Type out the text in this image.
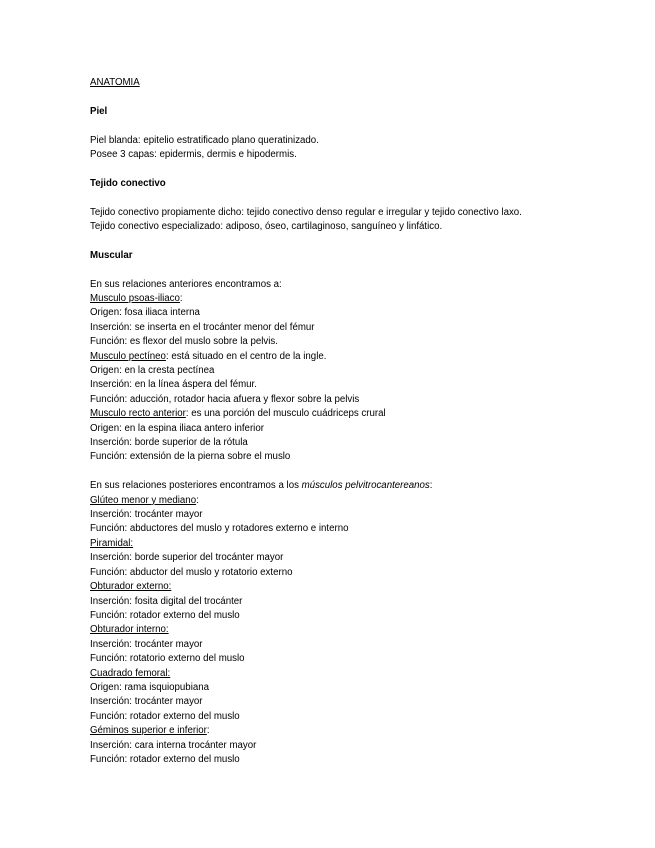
ANATOMIA

Piel

Piel blanda: epitelio estratificado plano queratinizado.

Posee 3 capas: epidermis, dermis e hipodermis.

Tejido conectivo

Tejido conectivo propiamente dicho: tejido conectivo denso regular e irregular y tejido conectivo laxo.

Tejido conectivo especializado: adiposo, óseo, cartilaginoso, sanguíneo y linfático.

Muscular

En sus relaciones anteriores encontramos a:

Musculo psoas-iliaco:

Origen: fosa iliaca interna

Inserción: se inserta en el trocánter menor del fémur

Función: es flexor del muslo sobre la pelvis.

Musculo pectíneo: está situado en el centro de la ingle.

Origen: en la cresta pectínea

Inserción: en la línea áspera del fémur.

Función: aducción, rotador hacia afuera y flexor sobre la pelvis

Musculo recto anterior: es una porción del musculo cuádriceps crural

Origen: en la espina iliaca antero inferior

Inserción: borde superior de la rótula

Función: extensión de la pierna sobre el muslo

En sus relaciones posteriores encontramos a los músculos pelvitrocantereanos:

Glúteo menor y mediano:

Inserción: trocánter mayor

Función: abductores del muslo y rotadores externo e interno

Piramidal:

Inserción: borde superior del trocánter mayor

Función: abductor del muslo y rotatorio externo

Obturador externo:

Inserción: fosita digital del trocánter

Función: rotador externo del muslo

Obturador interno:

Inserción: trocánter mayor

Función: rotatorio externo del muslo

Cuadrado femoral:

Origen: rama isquiopubiana

Inserción: trocánter mayor

Función: rotador externo del muslo

Géminos superior e inferior:

Inserción: cara interna trocánter mayor

Función: rotador externo del muslo
